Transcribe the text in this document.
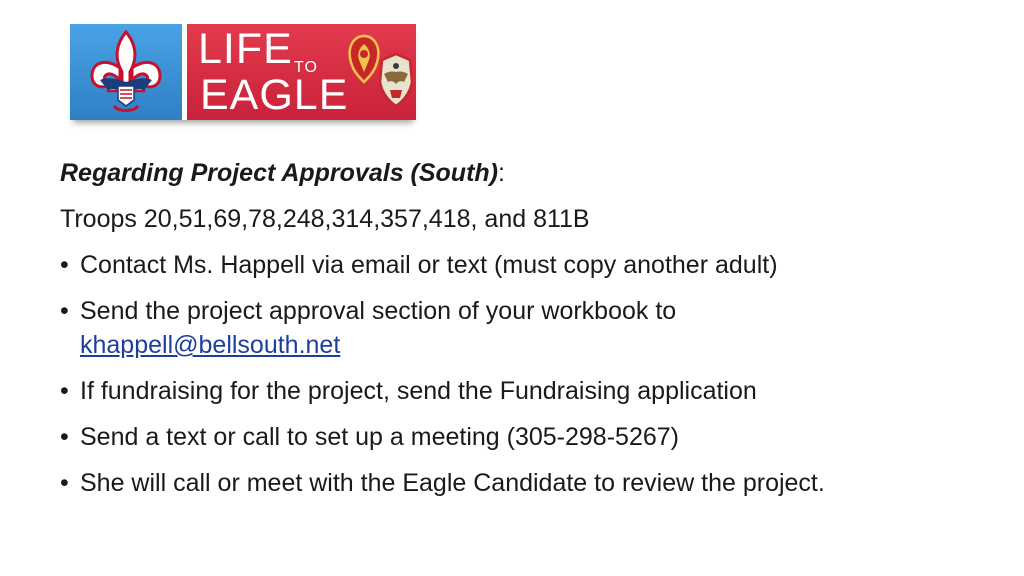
LIFE TO
EAGLE
Regarding Project Approvals (South):
Troops 20,51,69,78,248,314,357,418, and 811B
• Contact Ms. Happell via email or text (must copy another adult)
• Send the project approval section of your workbook to
khappell@bellsouth.net
• If fundraising for the project, send the Fundraising application
• Send a text or call to set up a meeting (305-298-5267)
• She will call or meet with the Eagle Candidate to review the project.
